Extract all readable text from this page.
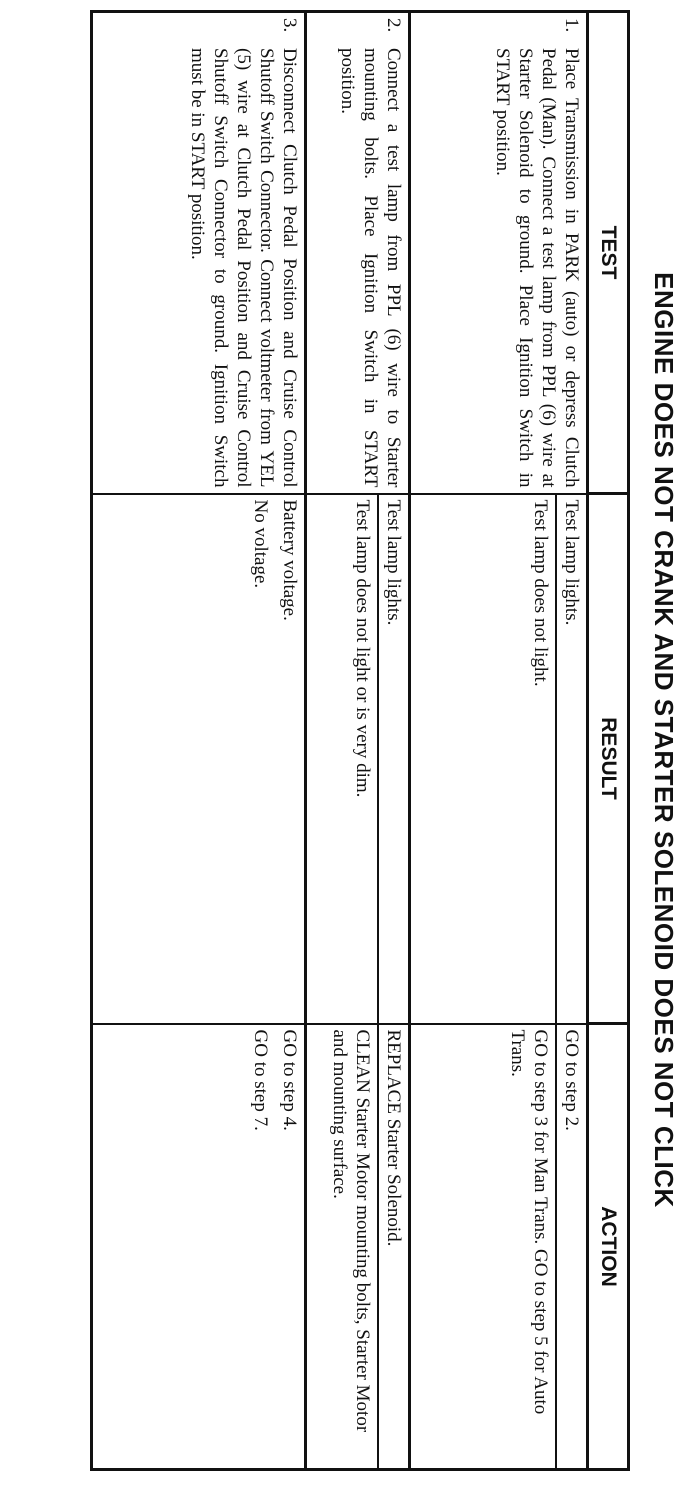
ENGINE DOES NOT CRANK AND STARTER SOLENOID DOES NOT CLICK
TEST	RESULT	ACTION

1.
Place Transmission in PARK (auto) or depress Clutch Pedal (Man). Connect a test lamp from PPL (6) wire at Starter Solenoid to ground. Place Ignition Switch in START position.	Test lamp lights.	GO to step 2.
	Test lamp does not light.	GO to step 3 for Man Trans. GO to step 5 for Auto Trans.

2.
Connect a test lamp from PPL (6) wire to Starter mounting bolts. Place Ignition Switch in START position.	Test lamp lights.	REPLACE Starter Solenoid.
	Test lamp does not light or is very dim.	CLEAN Starter Motor mounting bolts, Starter Motor and mounting surface.

3.
Disconnect Clutch Pedal Position and Cruise Control Shutoff Switch Connector. Connect voltmeter from YEL (5) wire at Clutch Pedal Position and Cruise Control Shutoff Switch Connector to ground. Ignition Switch must be in START position.	Battery voltage.	GO to step 4.
	No voltage.	GO to step 7.
